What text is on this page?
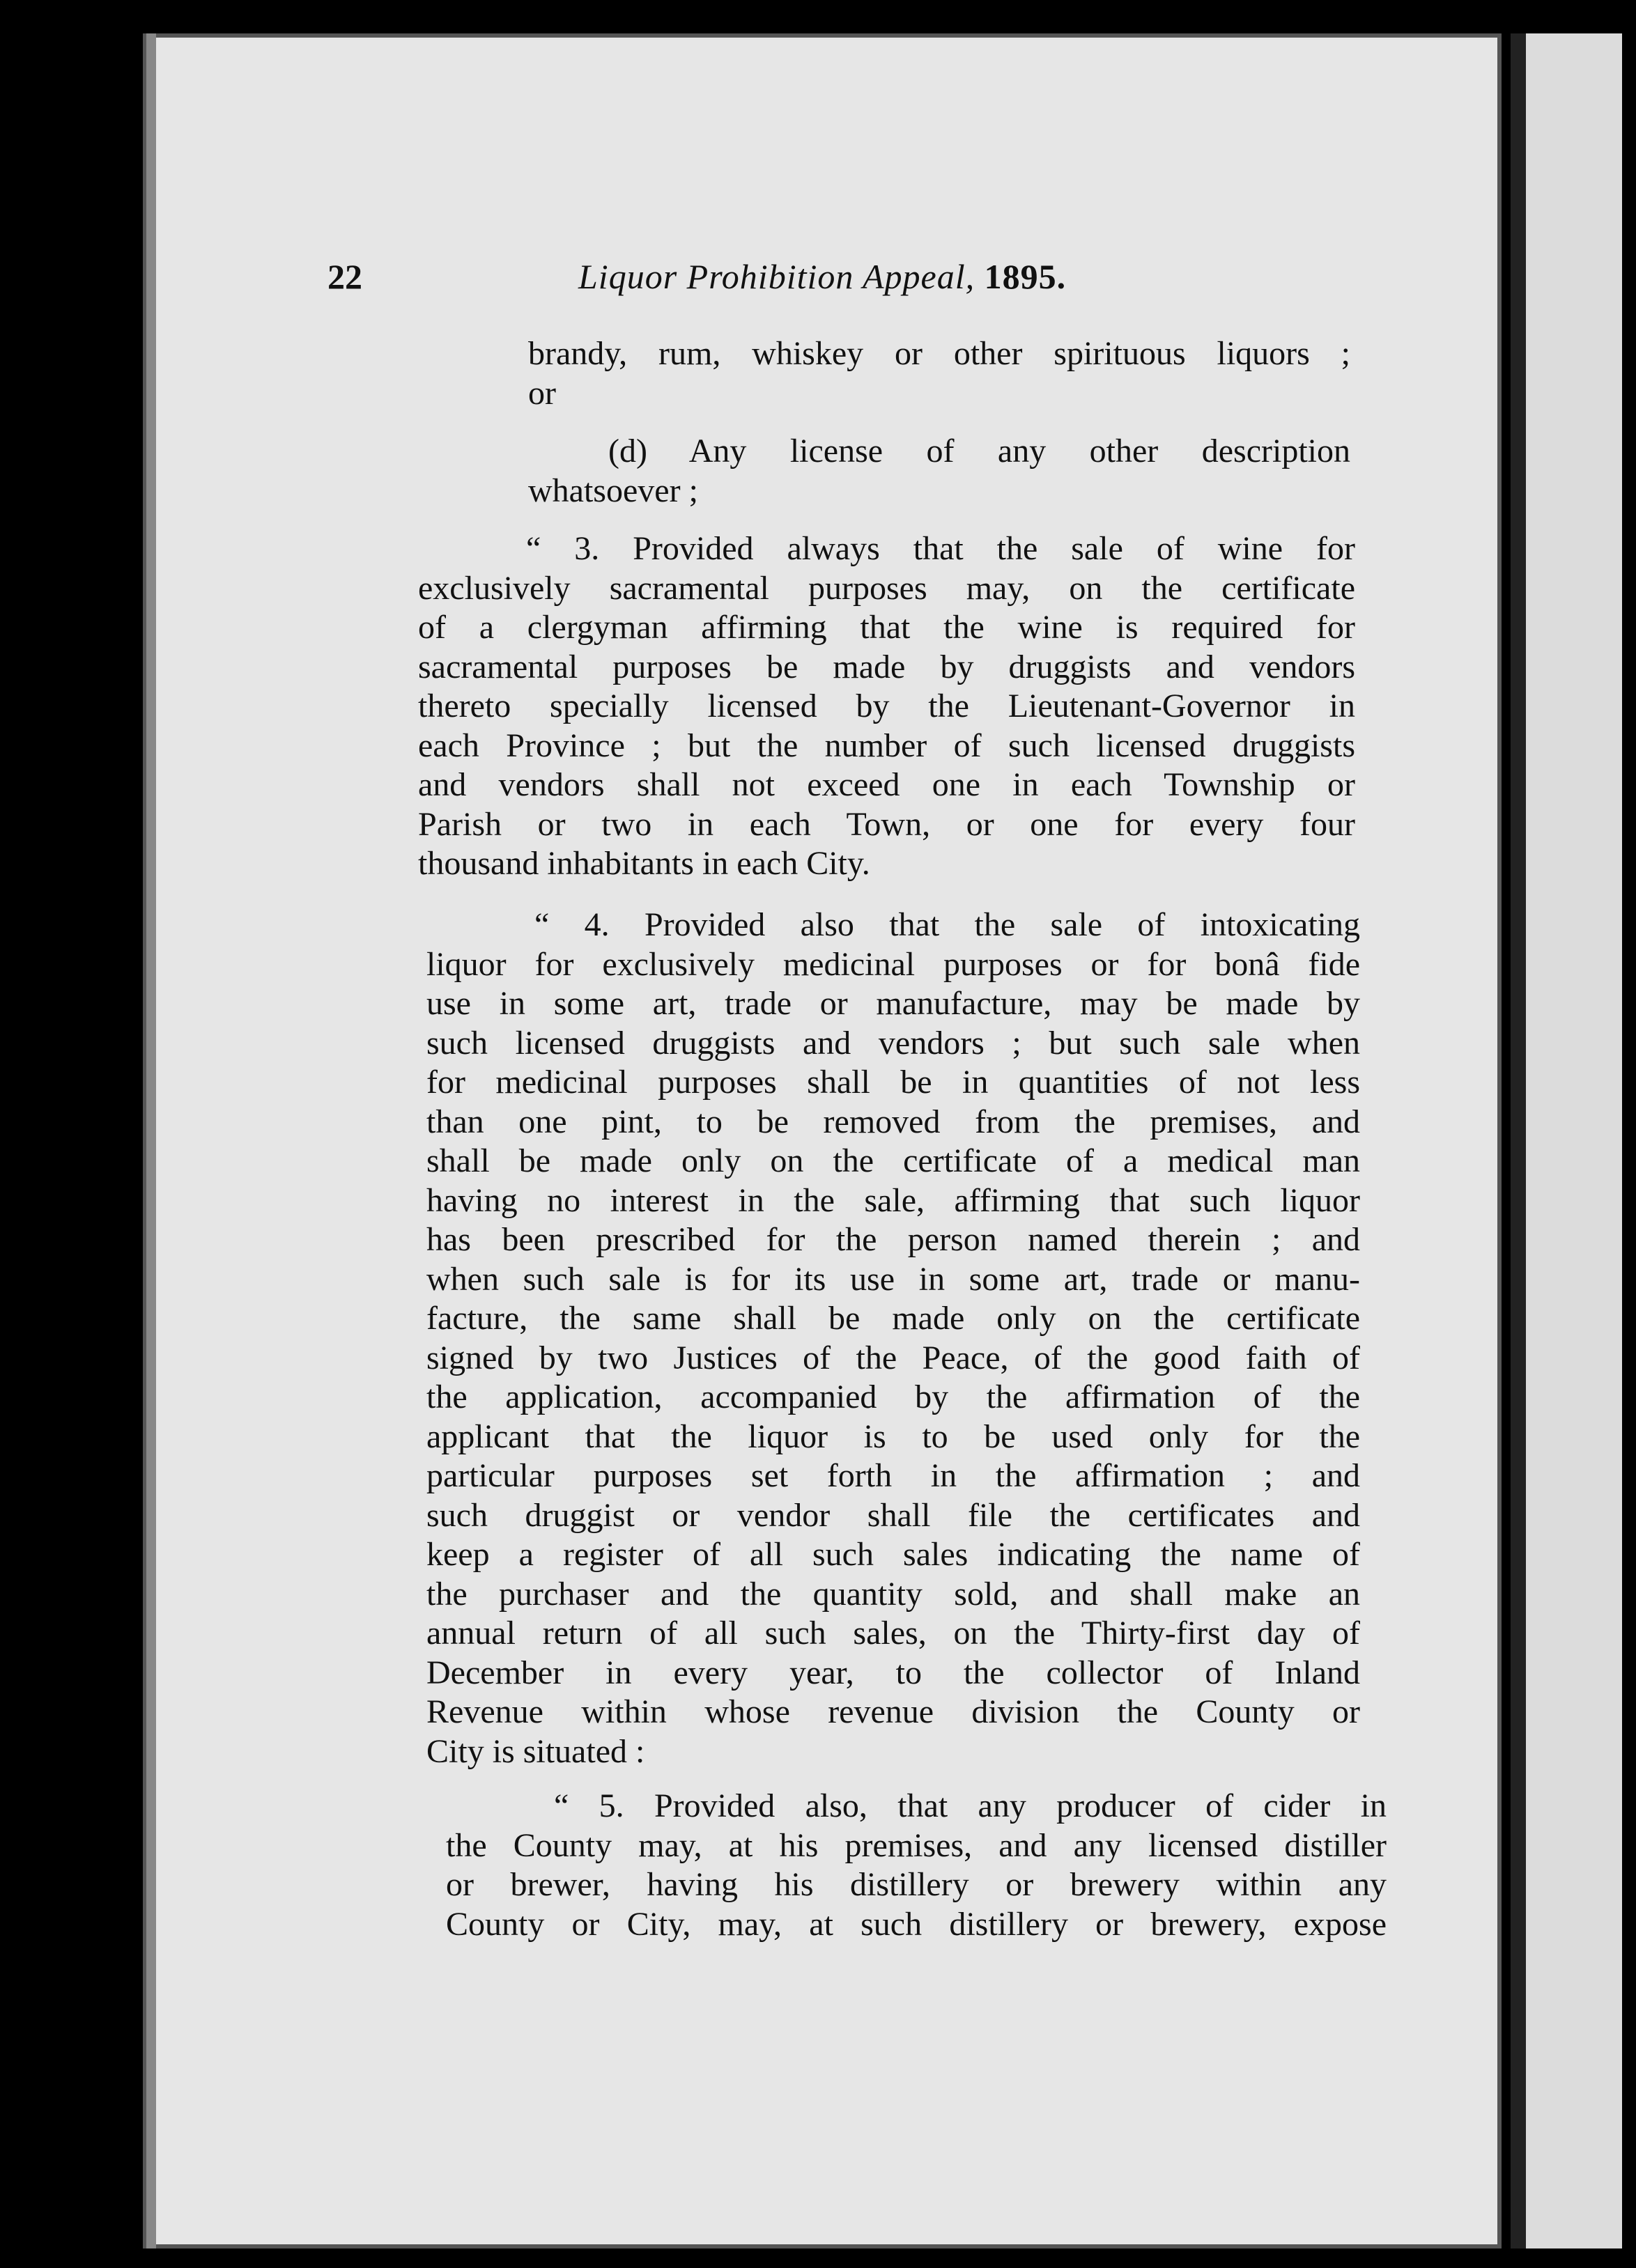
22	Liquor Prohibition Appeal, 1895.
brandy, rum, whiskey or other spirituous liquors ;
or
(d) Any license of any other description
whatsoever ;
“ 3. Provided always that the sale of wine for
exclusively sacramental purposes may, on the certificate
of a clergyman affirming that the wine is required for
sacramental purposes be made by druggists and vendors
thereto specially licensed by the Lieutenant-Governor in
each Province ; but the number of such licensed druggists
and vendors shall not exceed one in each Township or
Parish or two in each Town, or one for every four
thousand inhabitants in each City.
“ 4. Provided also that the sale of intoxicating
liquor for exclusively medicinal purposes or for bonâ fide
use in some art, trade or manufacture, may be made by
such licensed druggists and vendors ; but such sale when
for medicinal purposes shall be in quantities of not less
than one pint, to be removed from the premises, and
shall be made only on the certificate of a medical man
having no interest in the sale, affirming that such liquor
has been prescribed for the person named therein ; and
when such sale is for its use in some art, trade or manu-
facture, the same shall be made only on the certificate
signed by two Justices of the Peace, of the good faith of
the application, accompanied by the affirmation of the
applicant that the liquor is to be used only for the
particular purposes set forth in the affirmation ; and
such druggist or vendor shall file the certificates and
keep a register of all such sales indicating the name of
the purchaser and the quantity sold, and shall make an
annual return of all such sales, on the Thirty-first day of
December in every year, to the collector of Inland
Revenue within whose revenue division the County or
City is situated :
“ 5. Provided also, that any producer of cider in
the County may, at his premises, and any licensed distiller
or brewer, having his distillery or brewery within any
County or City, may, at such distillery or brewery, expose
